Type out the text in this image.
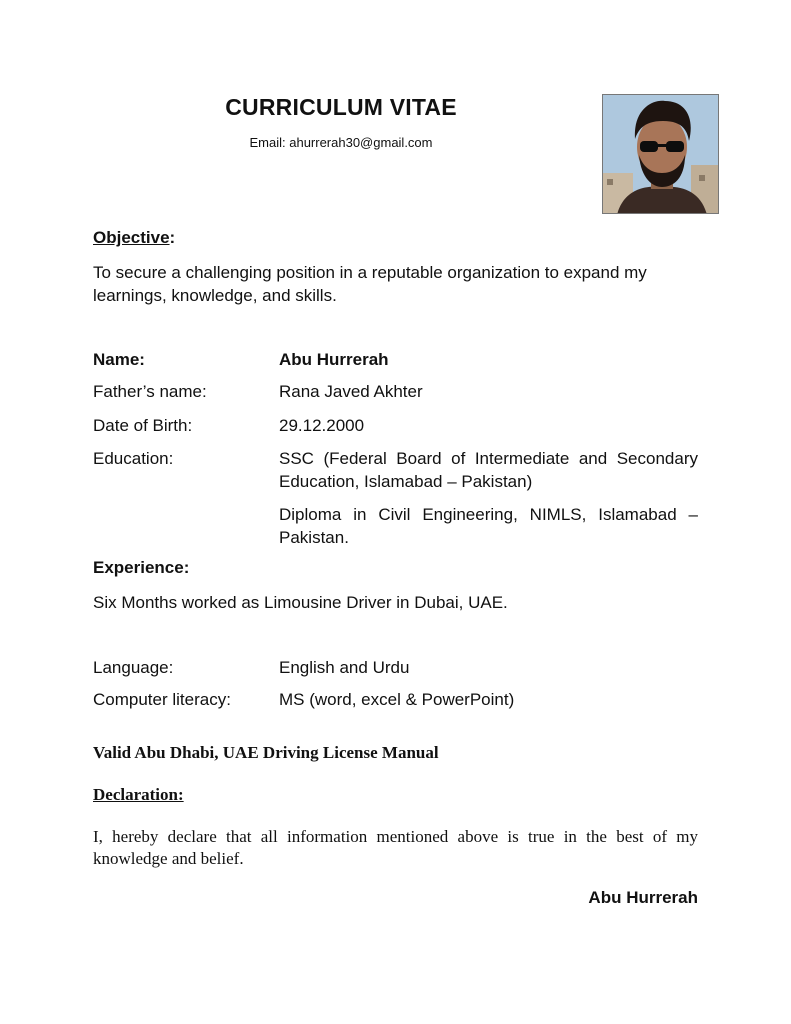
CURRICULUM VITAE
Email: ahurrerah30@gmail.com
Objective:
To secure a challenging position in a reputable organization to expand my learnings, knowledge, and skills.
Name:	Abu Hurrerah
Father’s name:	Rana Javed Akhter
Date of Birth:	29.12.2000
Education:	SSC (Federal Board of Intermediate and Secondary Education, Islamabad – Pakistan)
Diploma in Civil Engineering, NIMLS, Islamabad – Pakistan.
Experience:
Six Months worked as Limousine Driver in Dubai, UAE.
Language:	English and Urdu
Computer literacy:	MS (word, excel & PowerPoint)
Valid Abu Dhabi, UAE Driving License Manual
Declaration:
I, hereby declare that all information mentioned above is true in the best of my knowledge and belief.
Abu Hurrerah
